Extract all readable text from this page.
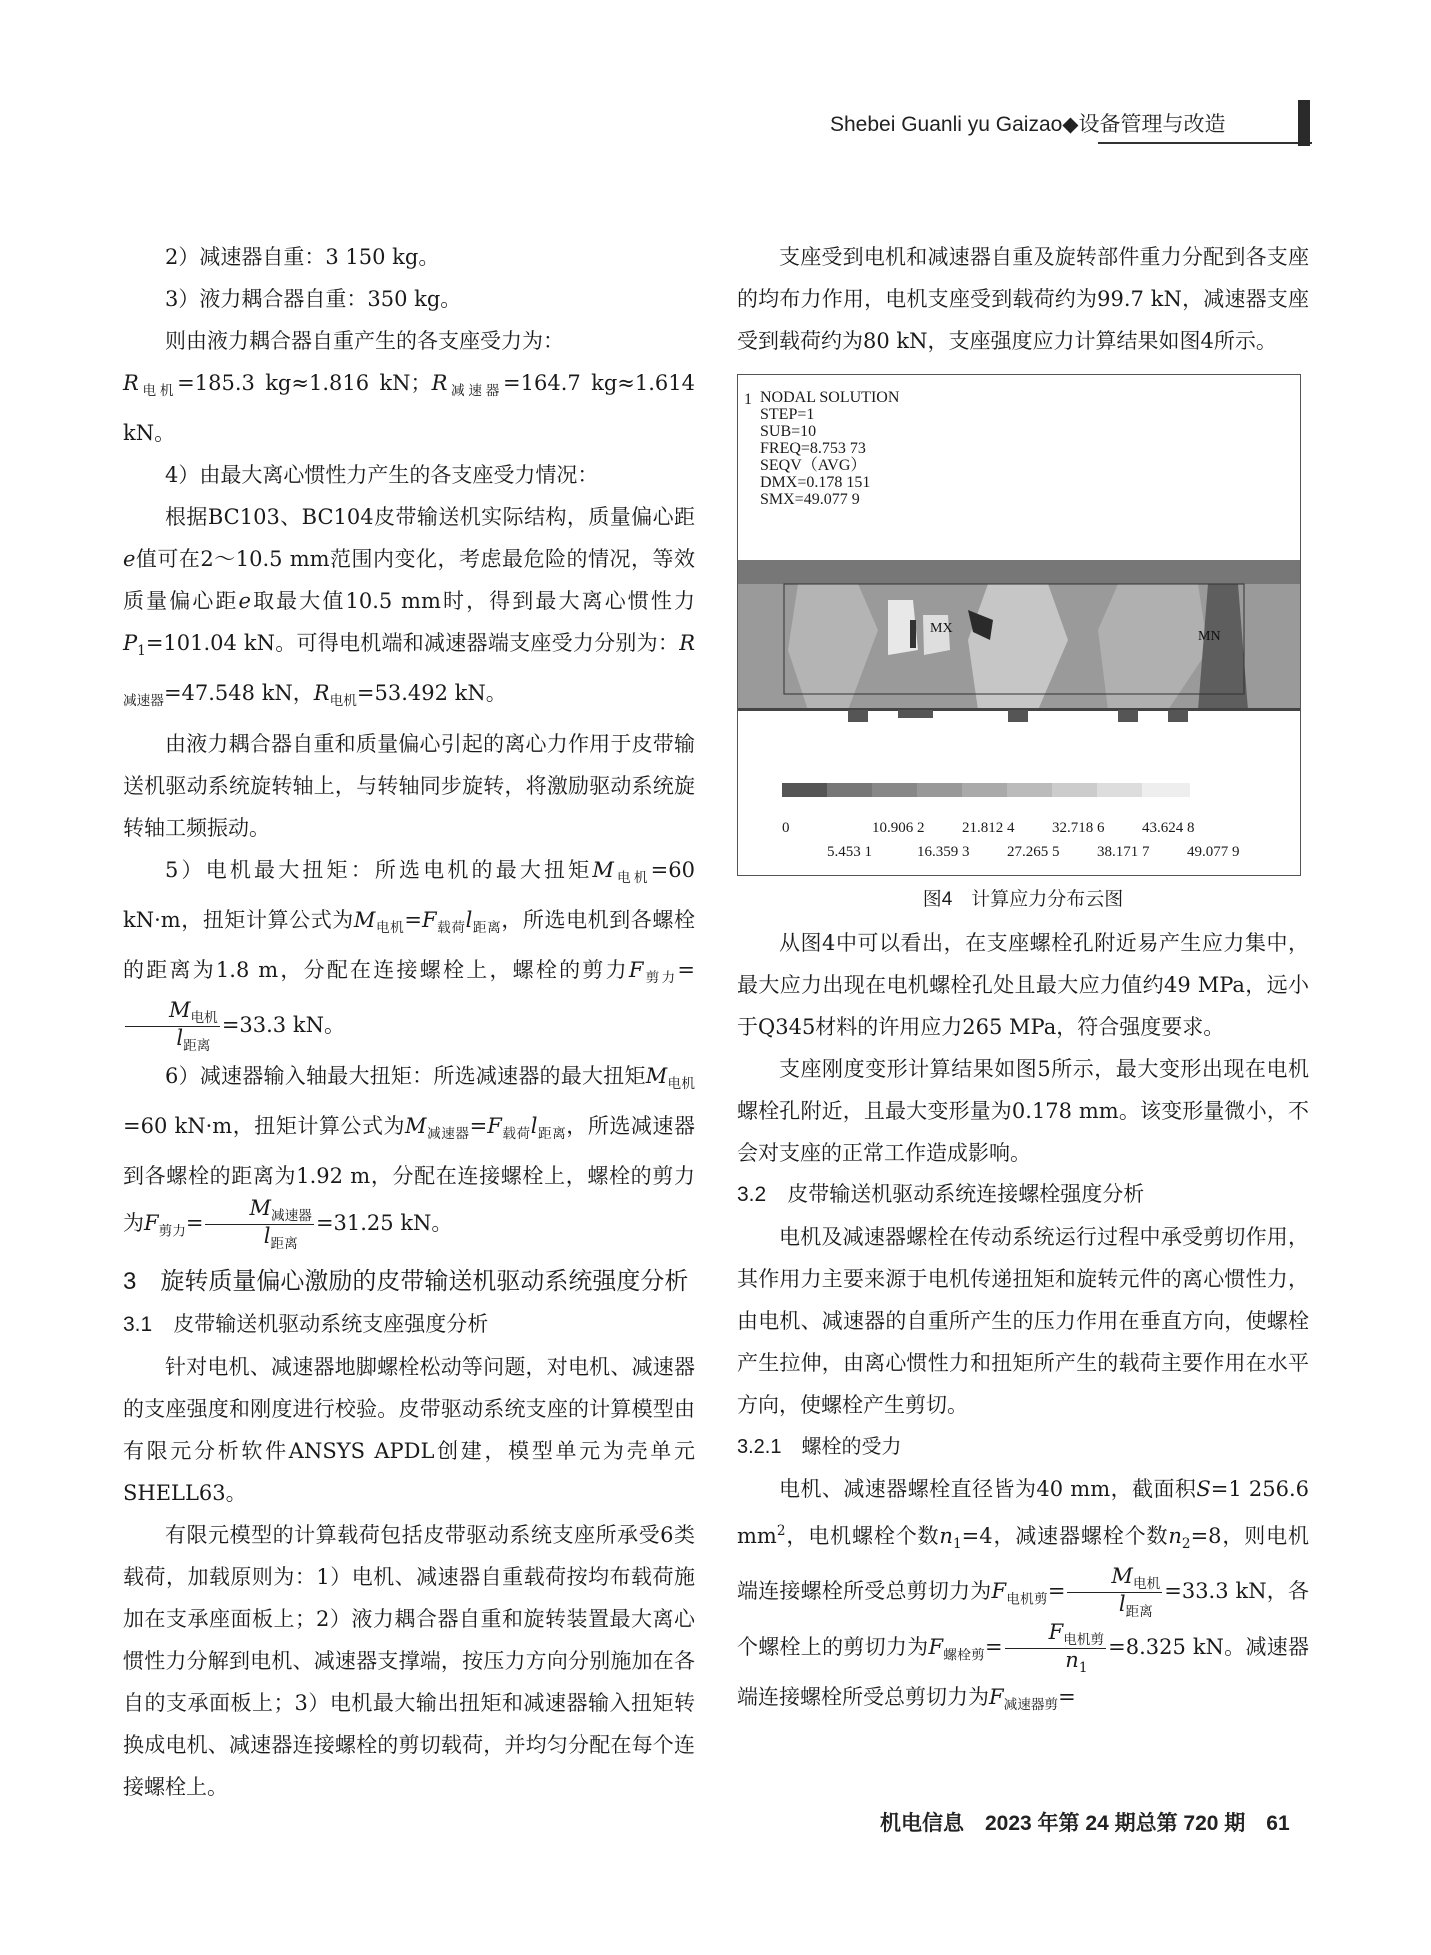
Shebei Guanli yu Gaizao◆设备管理与改造

2）减速器自重：3 150 kg。

3）液力耦合器自重：350 kg。

则由液力耦合器自重产生的各支座受力为：

$R_{电机}=185.3$ kg≈1.816 kN；$R_{减速器}=164.7$ kg≈1.614 kN。

4）由最大离心惯性力产生的各支座受力情况：

根据BC103、BC104皮带输送机实际结构，质量偏心距e值可在2～10.5 mm范围内变化，考虑最危险的情况，等效质量偏心距e取最大值10.5 mm时，得到最大离心惯性力$P_1=101.04$ kN。可得电机端和减速器端支座受力分别为：$R_{减速器}=47.548$ kN，$R_{电机}=53.492$ kN。

由液力耦合器自重和质量偏心引起的离心力作用于皮带输送机驱动系统旋转轴上，与转轴同步旋转，将激励驱动系统旋转轴工频振动。

5）电机最大扭矩：所选电机的最大扭矩$M_{电机}=60$ kN·m，扭矩计算公式为$M_{电机}=F_{载荷}l_{距离}$，所选电机到各螺栓的距离为1.8 m，分配在连接螺栓上，螺栓的剪力$F_{剪力}=$
$\frac{M_{电机}}{l_{距离}} =33.3$ kN。

6）减速器输入轴最大扭矩：所选减速器的最大扭矩$M_{电机}=60$ kN·m，扭矩计算公式为$M_{减速器}=F_{载荷}l_{距离}$，所选减速器到各螺栓的距离为1.92 m，分配在连接螺栓上，螺栓的剪力为$F_{剪力}= \frac{M_{减速器}}{l_{距离}} =31.25$ kN。

3　旋转质量偏心激励的皮带输送机驱动系统强度分析
3.1　皮带输送机驱动系统支座强度分析

针对电机、减速器地脚螺栓松动等问题，对电机、减速器的支座强度和刚度进行校验。皮带驱动系统支座的计算模型由有限元分析软件ANSYS APDL创建，模型单元为壳单元SHELL63。

有限元模型的计算载荷包括皮带驱动系统支座所承受6类载荷，加载原则为：1）电机、减速器自重载荷按均布载荷施加在支承座面板上；2）液力耦合器自重和旋转装置最大离心惯性力分解到电机、减速器支撑端，按压力方向分别施加在各自的支承面板上；3）电机最大输出扭矩和减速器输入扭矩转换成电机、减速器连接螺栓的剪切载荷，并均匀分配在每个连接螺栓上。

支座受到电机和减速器自重及旋转部件重力分配到各支座的均布力作用，电机支座受到载荷约为99.7 kN，减速器支座受到载荷约为80 kN，支座强度应力计算结果如图4所示。

1 NODAL SOLUTION
STEP=1
SUB=10
FREQ=8.753 73
SEQV（AVG）
DMX=0.178 151
SMX=49.077 9
MX
MN
0	10.906 2	21.812 4	32.718 6	43.624 8
5.453 1	16.359 3	27.265 5	38.171 7	49.077 9
图4　计算应力分布云图

从图4中可以看出，在支座螺栓孔附近易产生应力集中，最大应力出现在电机螺栓孔处且最大应力值约49 MPa，远小于Q345材料的许用应力265 MPa，符合强度要求。

支座刚度变形计算结果如图5所示，最大变形出现在电机螺栓孔附近，且最大变形量为0.178 mm。该变形量微小，不会对支座的正常工作造成影响。

3.2　皮带输送机驱动系统连接螺栓强度分析

电机及减速器螺栓在传动系统运行过程中承受剪切作用，其作用力主要来源于电机传递扭矩和旋转元件的离心惯性力，由电机、减速器的自重所产生的压力作用在垂直方向，使螺栓产生拉伸，由离心惯性力和扭矩所产生的载荷主要作用在水平方向，使螺栓产生剪切。

3.2.1　螺栓的受力

电机、减速器螺栓直径皆为40 mm，截面积S=1 256.6 $mm^2$，电机螺栓个数$n_1=4$，减速器螺栓个数$n_2=8$，则电机端连接螺栓所受总剪切力为$F_{电机剪}= \frac{M_{电机}}{l_{距离}} =33.3$ kN，各个螺栓上的剪切力为$F_{螺栓剪}= \frac{F_{电机剪}}{n_1} =8.325$ kN。减速器端连接螺栓所受总剪切力为$F_{减速器剪}=$

机电信息　2023 年第 24 期总第 720 期　61
